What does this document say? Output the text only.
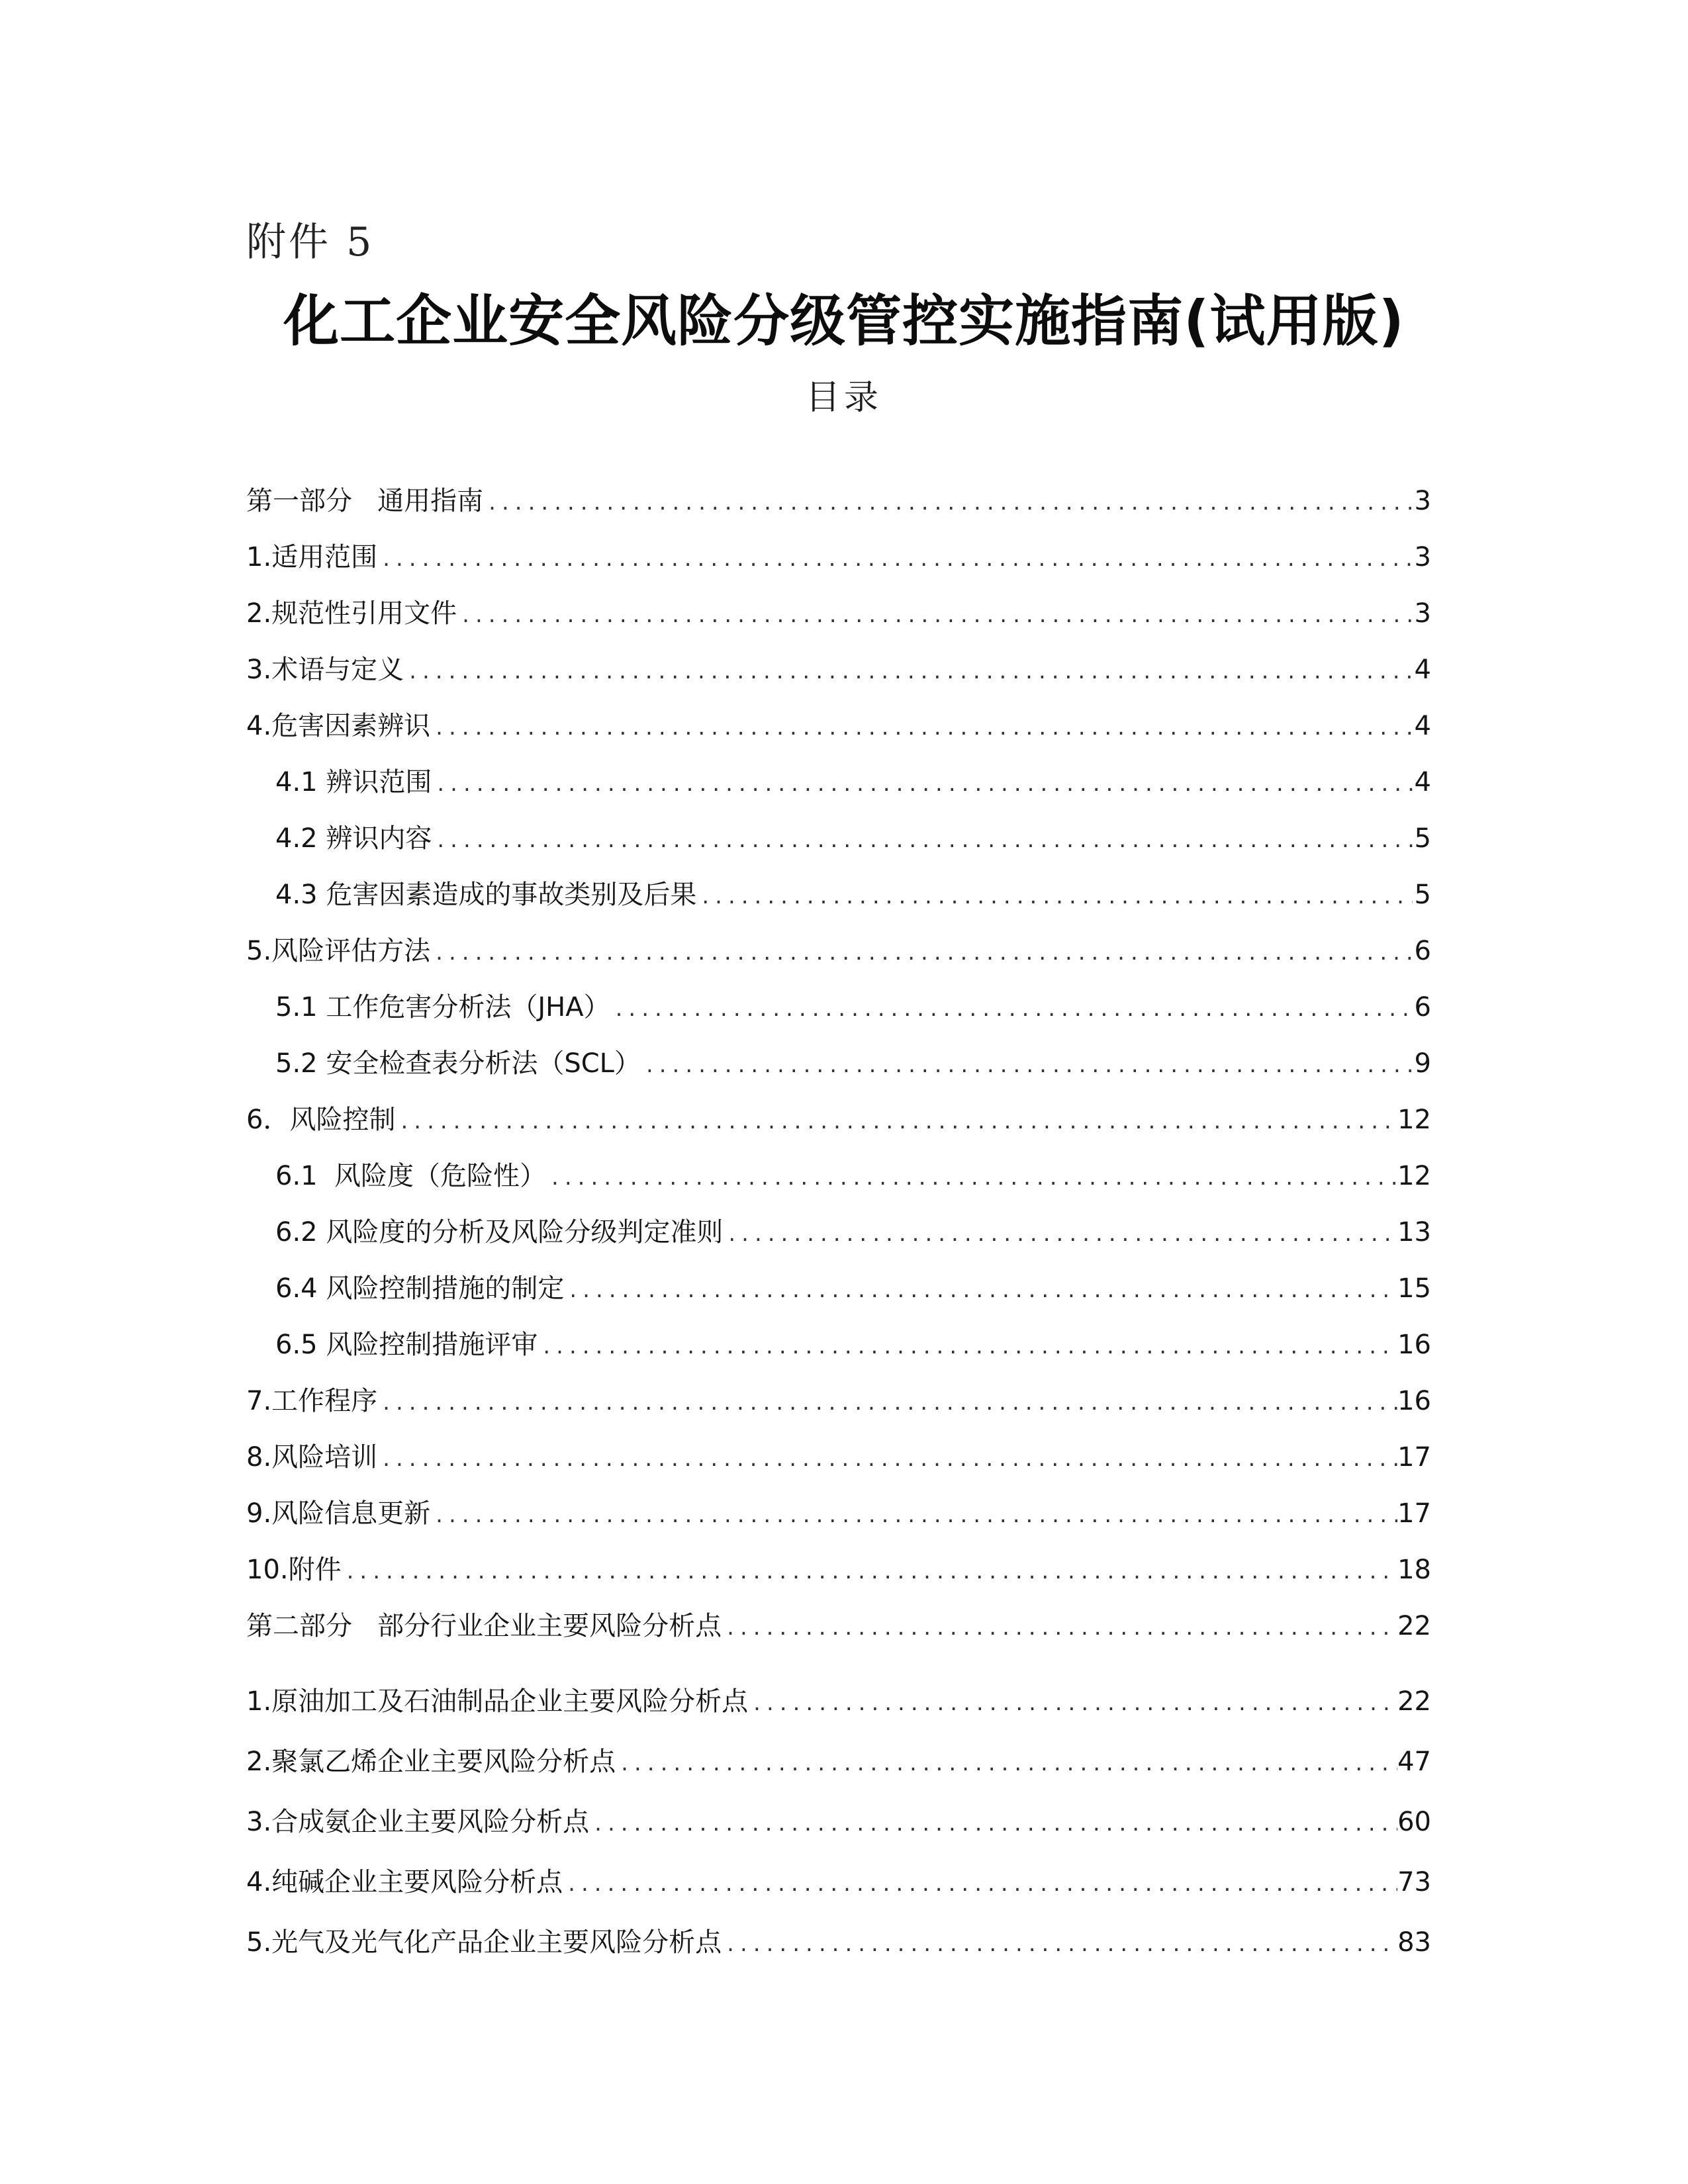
附件 5
化工企业安全风险分级管控实施指南(试用版)
目录
第一部分   通用指南 .....	3
1.适用范围 .....	3
2.规范性引用文件 .....	3
3.术语与定义 .....	4
4.危害因素辨识 .....	4
4.1 辨识范围 .....	4
4.2 辨识内容 .....	5
4.3 危害因素造成的事故类别及后果 .....	5
5.风险评估方法 .....	6
5.1 工作危害分析法（JHA） .....	6
5.2 安全检查表分析法（SCL） .....	9
6．风险控制 .....	12
6.1  风险度（危险性） .....	12
6.2 风险度的分析及风险分级判定准则 .....	13
6.4 风险控制措施的制定 .....	15
6.5 风险控制措施评审 .....	16
7.工作程序 .....	16
8.风险培训 .....	17
9.风险信息更新 .....	17
10.附件 .....	18
第二部分   部分行业企业主要风险分析点 .....	22
1.原油加工及石油制品企业主要风险分析点 .....	22
2.聚氯乙烯企业主要风险分析点 .....	47
3.合成氨企业主要风险分析点 .....	60
4.纯碱企业主要风险分析点 .....	73
5.光气及光气化产品企业主要风险分析点 .....	83
